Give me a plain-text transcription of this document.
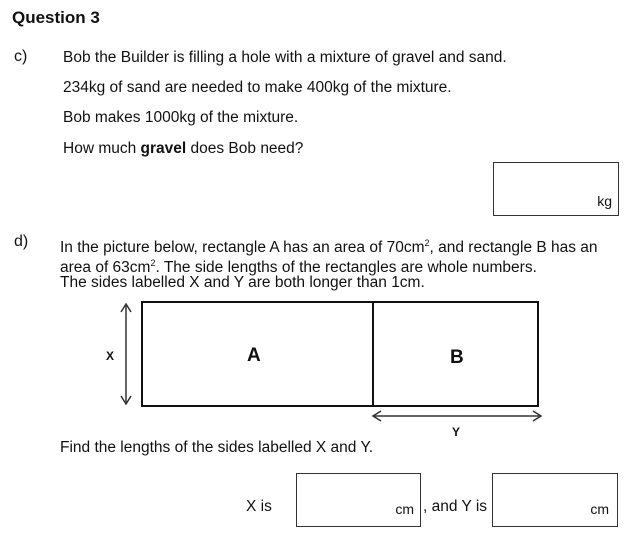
Question 3
c) Bob the Builder is filling a hole with a mixture of gravel and sand.
234kg of sand are needed to make 400kg of the mixture.
Bob makes 1000kg of the mixture.
How much gravel does Bob need?
kg
d) In the picture below, rectangle A has an area of $70cm^2$, and rectangle B has an
area of $63cm^2$. The side lengths of the rectangles are whole numbers.
The sides labelled X and Y are both longer than 1cm.
X	A	B
Y
Find the lengths of the sides labelled X and Y.
X is	cm , and Y is	cm
